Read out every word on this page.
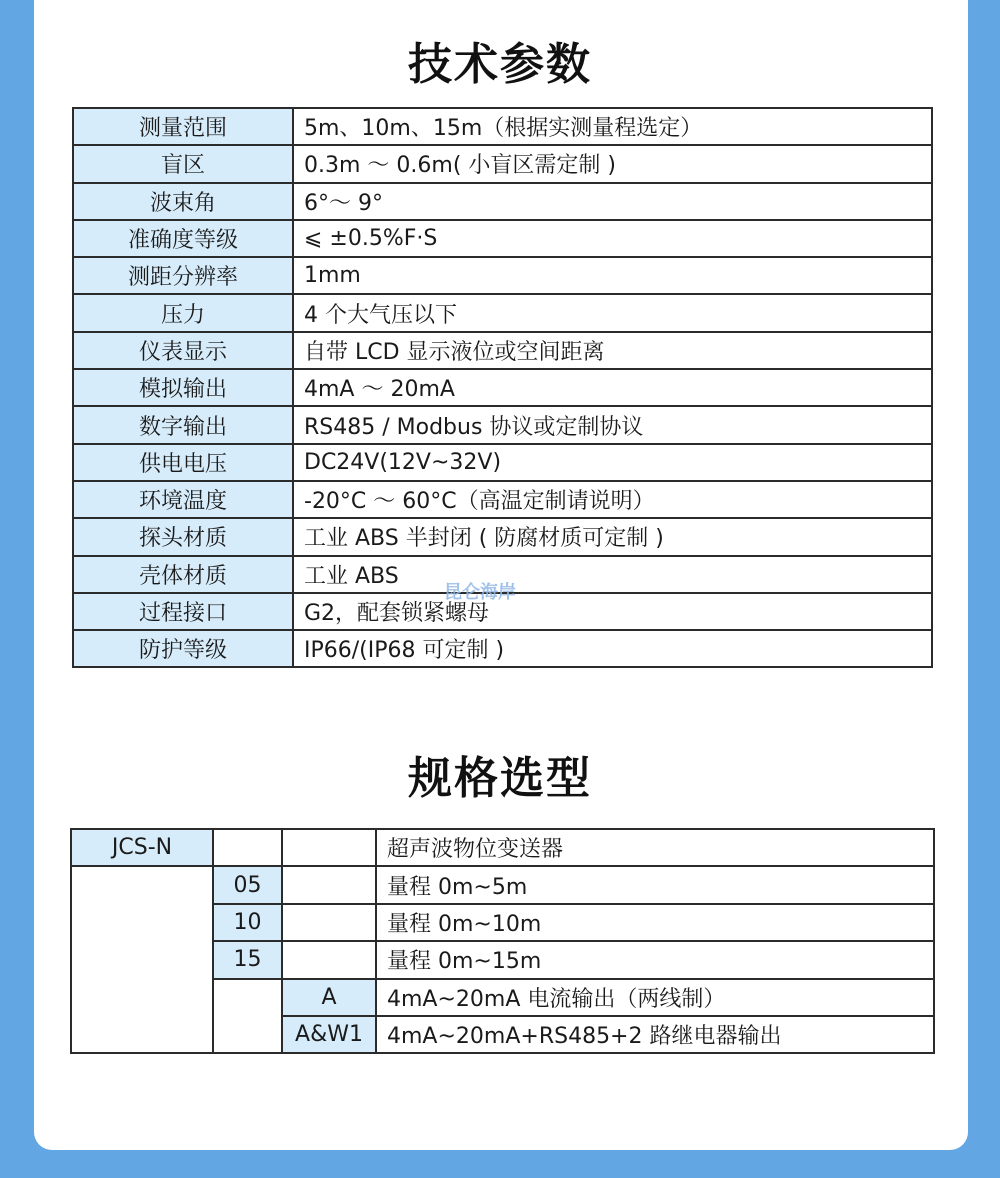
技术参数
测量范围	5m、10m、15m（根据实测量程选定）
盲区	0.3m ～ 0.6m( 小盲区需定制 )
波束角	6°～ 9°
准确度等级	⩽ ±0.5%F·S
测距分辨率	1mm
压力	4 个大气压以下
仪表显示	自带 LCD 显示液位或空间距离
模拟输出	4mA ～ 20mA
数字输出	RS485 / Modbus 协议或定制协议
供电电压	DC24V(12V~32V)
环境温度	-20°C ～ 60°C（高温定制请说明）
探头材质	工业 ABS 半封闭 ( 防腐材质可定制 )
壳体材质	工业 ABS
过程接口	G2，配套锁紧螺母
防护等级	IP66/(IP68 可定制 )
昆仑海岸
规格选型
JCS-N			超声波物位变送器
	05		量程 0m~5m
	10		量程 0m~10m
	15		量程 0m~15m
		A	4mA~20mA 电流输出（两线制）
		A&W1	4mA~20mA+RS485+2 路继电器输出
